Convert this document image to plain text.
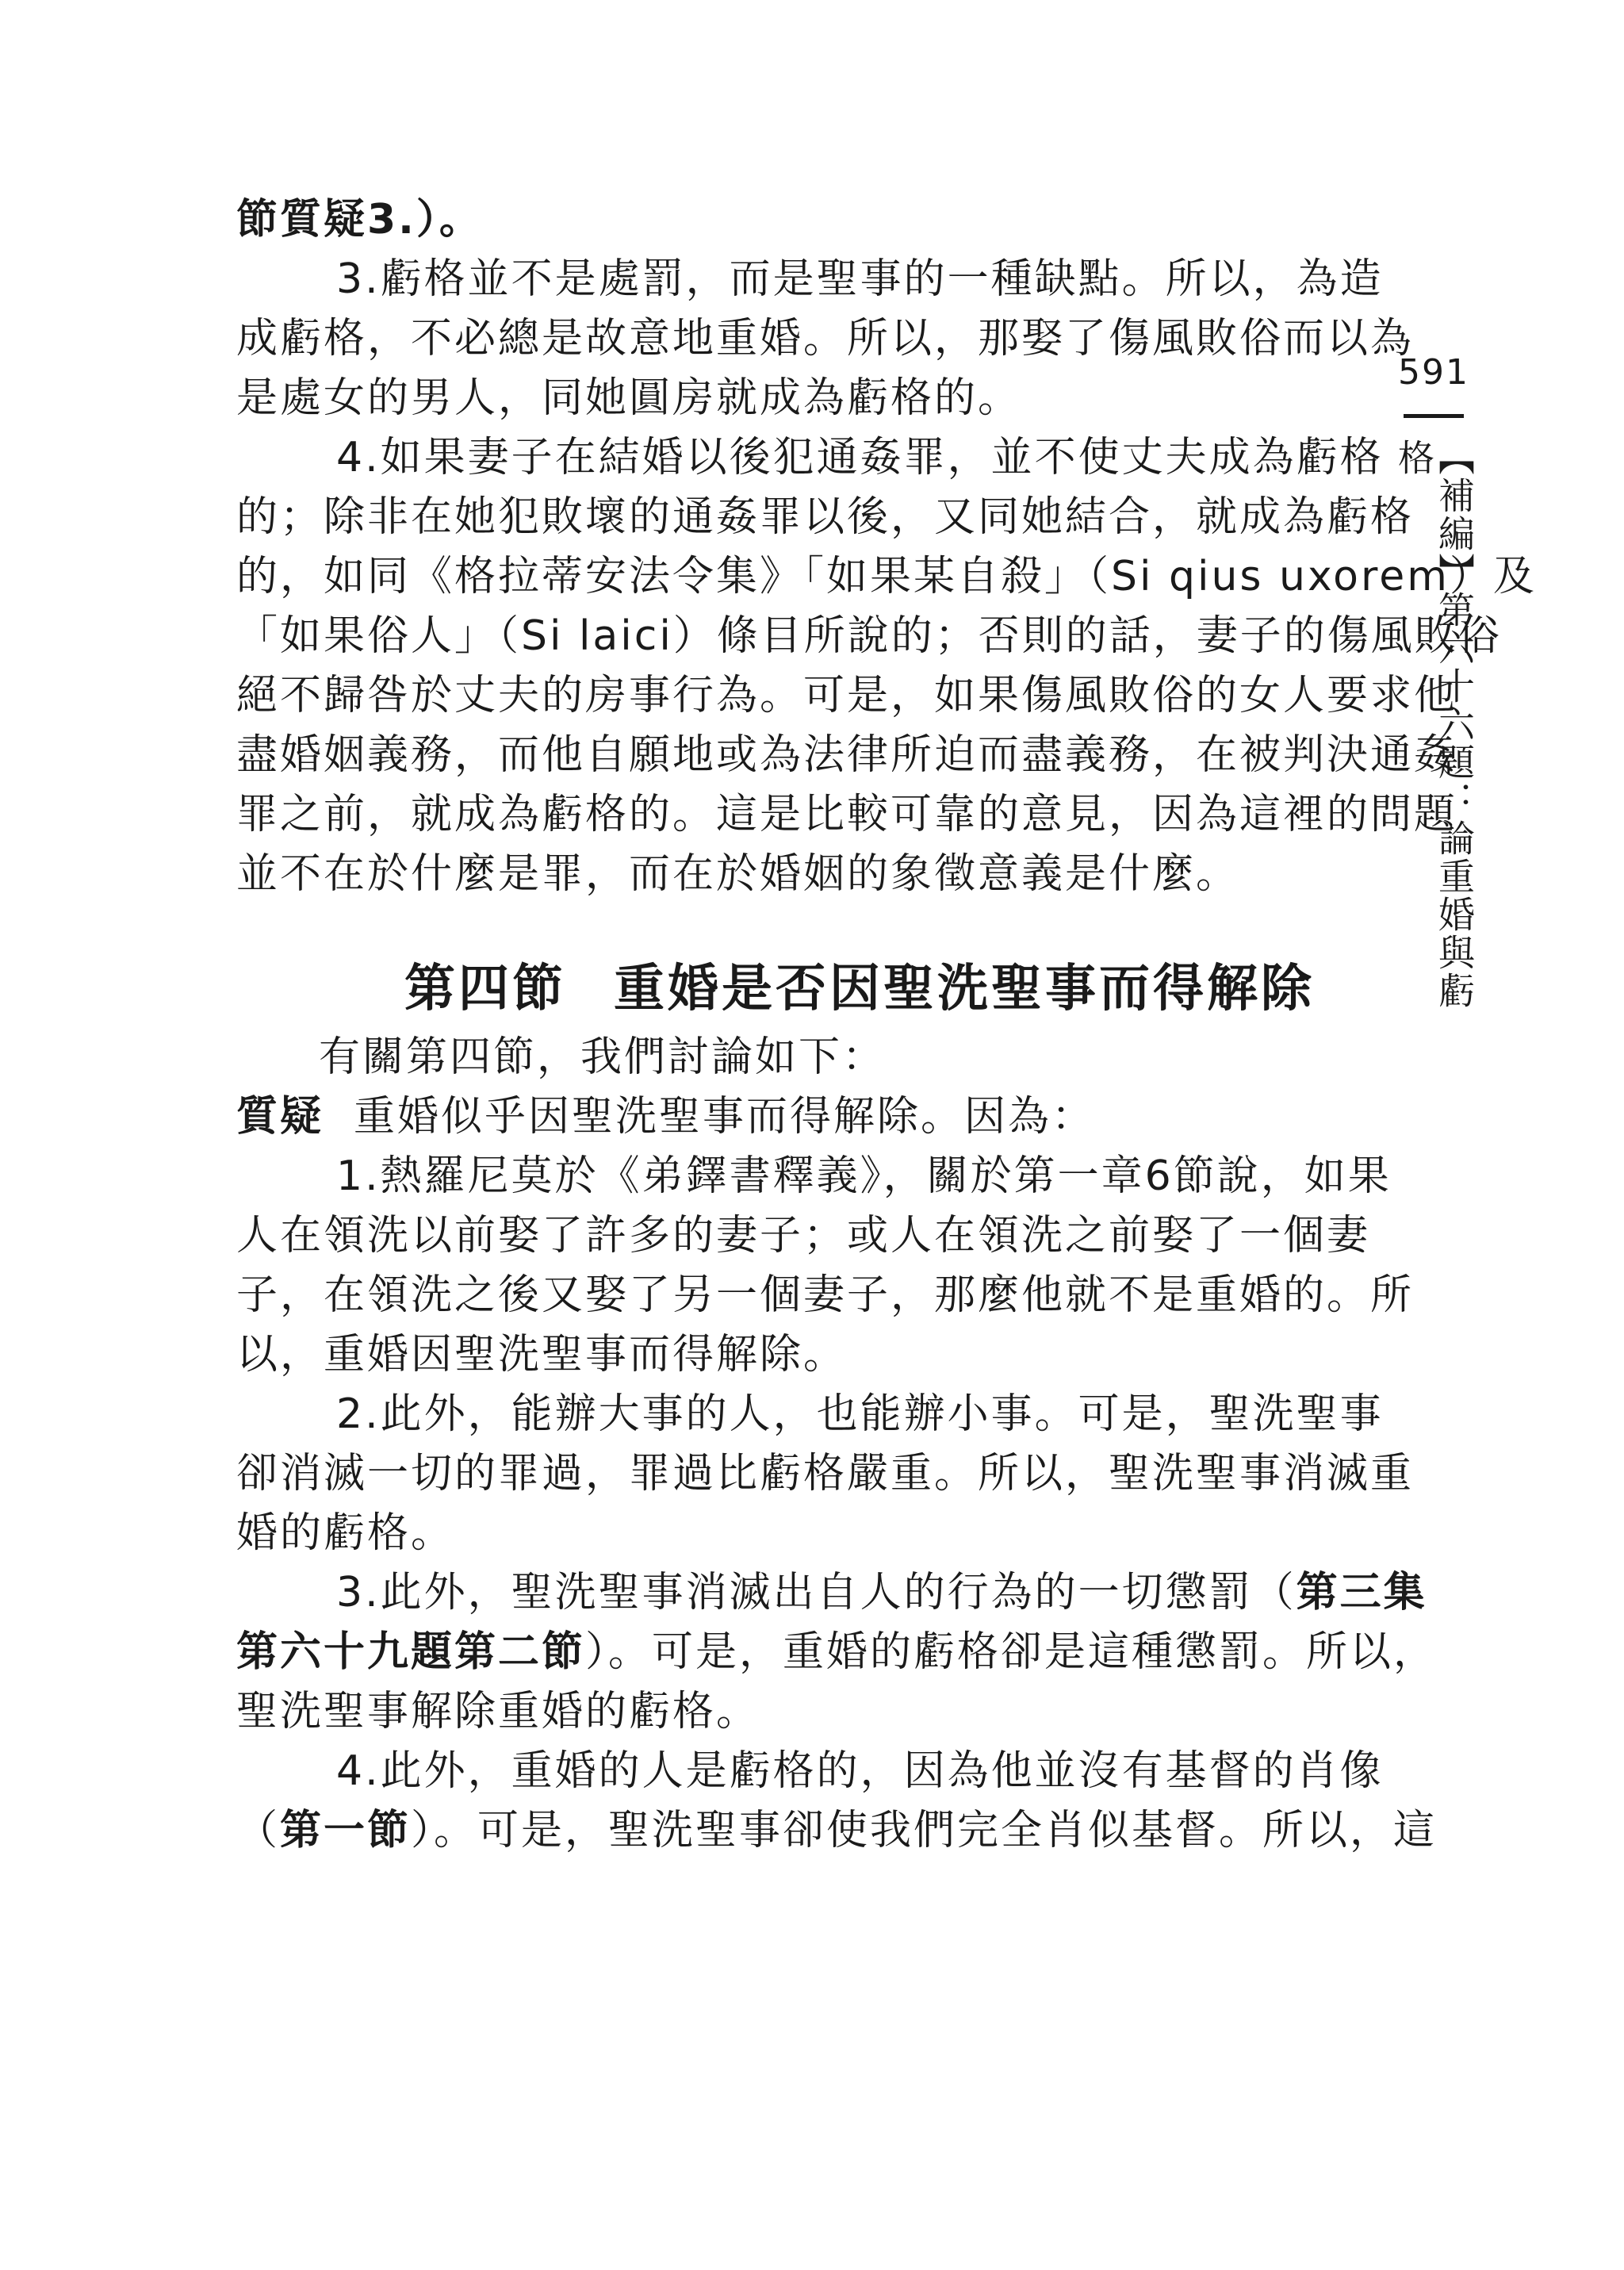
節質疑3.）。
3.虧格並不是處罰，而是聖事的一種缺點。所以，為造
成虧格，不必總是故意地重婚。所以，那娶了傷風敗俗而以為
是處女的男人，同她圓房就成為虧格的。
4.如果妻子在結婚以後犯通姦罪，並不使丈夫成為虧格
的；除非在她犯敗壞的通姦罪以後，又同她結合，就成為虧格
的，如同《格拉蒂安法令集》「如果某自殺」（Si qius uxorem）及
「如果俗人」（Si laici）條目所說的；否則的話，妻子的傷風敗俗
絕不歸咎於丈夫的房事行為。可是，如果傷風敗俗的女人要求他
盡婚姻義務，而他自願地或為法律所迫而盡義務，在被判決通姦
罪之前，就成為虧格的。這是比較可靠的意見，因為這裡的問題
並不在於什麼是罪，而在於婚姻的象徵意義是什麼。
第四節 重婚是否因聖洗聖事而得解除
有關第四節，我們討論如下：
質疑 重婚似乎因聖洗聖事而得解除。因為：
1.熱羅尼莫於《弟鐸書釋義》，關於第一章6節說，如果
人在領洗以前娶了許多的妻子；或人在領洗之前娶了一個妻
子，在領洗之後又娶了另一個妻子，那麼他就不是重婚的。所
以，重婚因聖洗聖事而得解除。
2.此外，能辦大事的人，也能辦小事。可是，聖洗聖事
卻消滅一切的罪過，罪過比虧格嚴重。所以，聖洗聖事消滅重
婚的虧格。
3.此外，聖洗聖事消滅出自人的行為的一切懲罰（第三集
第六十九題第二節）。可是，重婚的虧格卻是這種懲罰。所以，
聖洗聖事解除重婚的虧格。
4.此外，重婚的人是虧格的，因為他並沒有基督的肖像
（第一節）。可是，聖洗聖事卻使我們完全肖似基督。所以，這
591
【補編】第六十六題：論重婚與虧格
